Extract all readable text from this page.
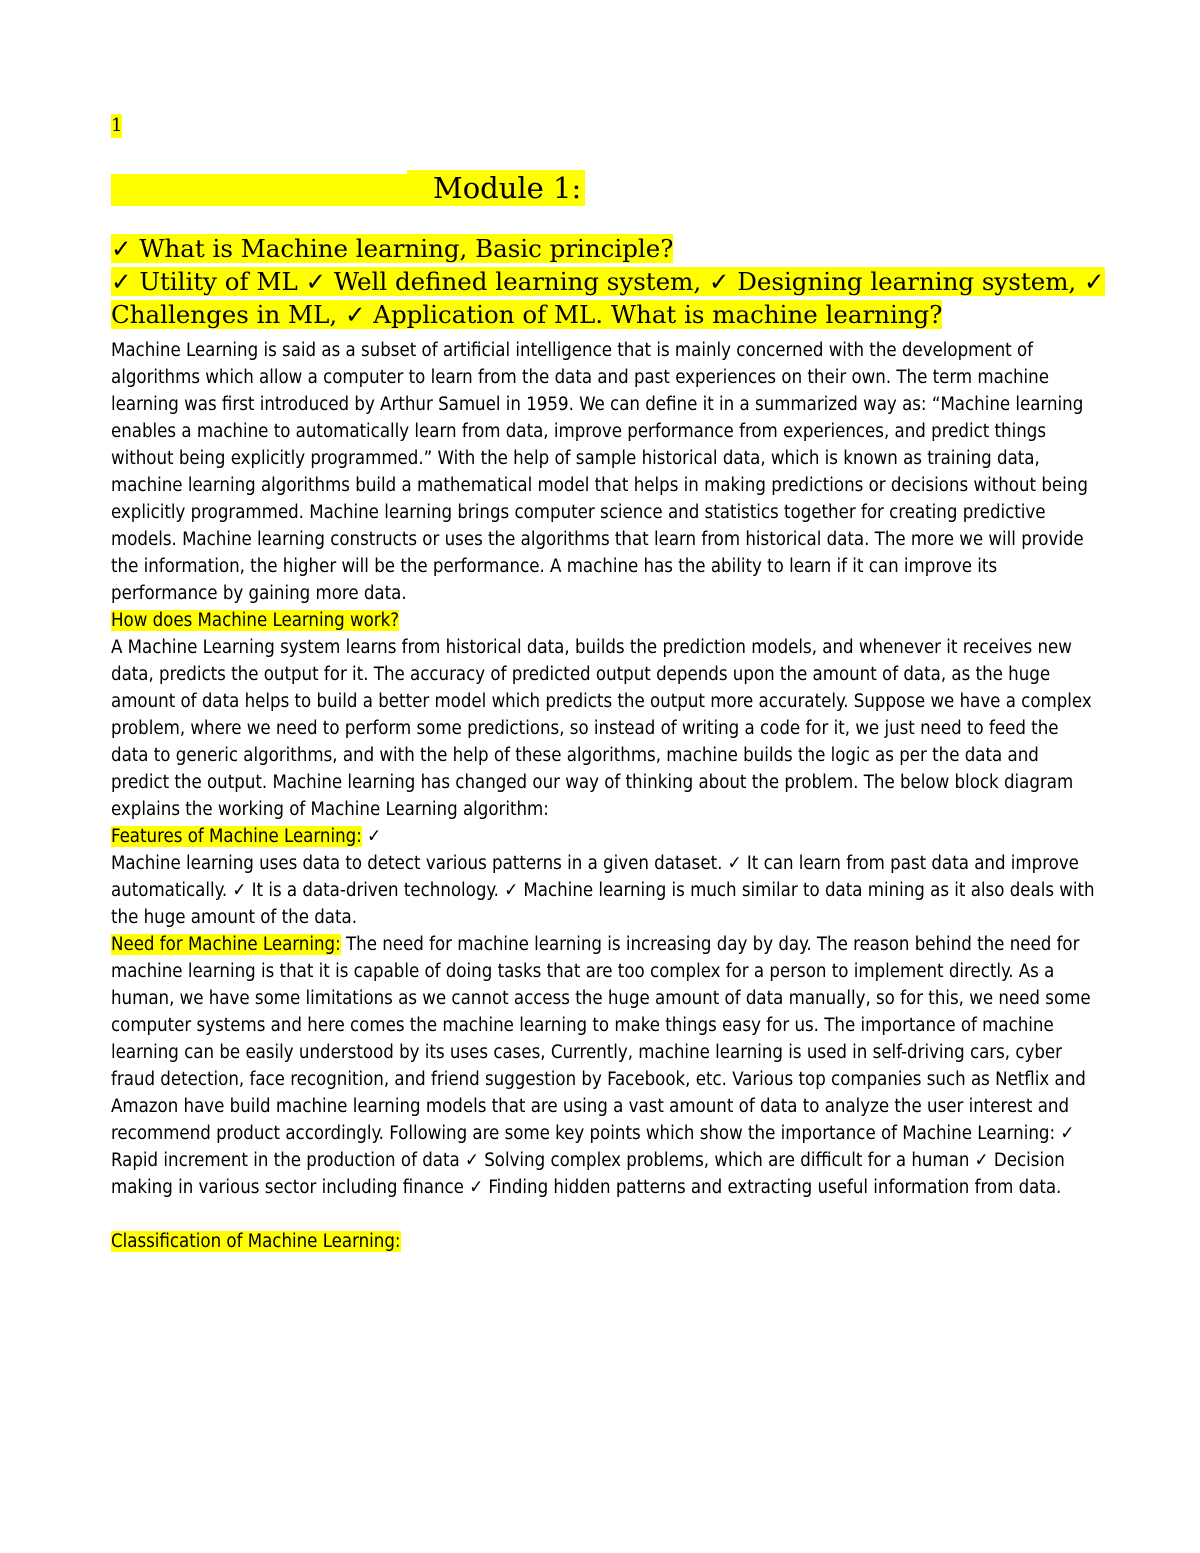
1
Module 1:
✓ What is Machine learning, Basic principle?
✓ Utility of ML ✓ Well defined learning system, ✓ Designing learning system, ✓
Challenges in ML, ✓ Application of ML. What is machine learning?

Machine Learning is said as a subset of artificial intelligence that is mainly concerned with the development of algorithms which allow a computer to learn from the data and past experiences on their own. The term machine learning was first introduced by Arthur Samuel in 1959. We can define it in a summarized way as: “Machine learning enables a machine to automatically learn from data, improve performance from experiences, and predict things without being explicitly programmed.” With the help of sample historical data, which is known as training data, machine learning algorithms build a mathematical model that helps in making predictions or decisions without being explicitly programmed. Machine learning brings computer science and statistics together for creating predictive models. Machine learning constructs or uses the algorithms that learn from historical data. The more we will provide the information, the higher will be the performance. A machine has the ability to learn if it can improve its performance by gaining more data.

How does Machine Learning work?

A Machine Learning system learns from historical data, builds the prediction models, and whenever it receives new data, predicts the output for it. The accuracy of predicted output depends upon the amount of data, as the huge amount of data helps to build a better model which predicts the output more accurately. Suppose we have a complex problem, where we need to perform some predictions, so instead of writing a code for it, we just need to feed the data to generic algorithms, and with the help of these algorithms, machine builds the logic as per the data and predict the output. Machine learning has changed our way of thinking about the problem. The below block diagram explains the working of Machine Learning algorithm:

Features of Machine Learning: ✓

Machine learning uses data to detect various patterns in a given dataset. ✓ It can learn from past data and improve automatically. ✓ It is a data-driven technology. ✓ Machine learning is much similar to data mining as it also deals with the huge amount of the data.

Need for Machine Learning: The need for machine learning is increasing day by day. The reason behind the need for machine learning is that it is capable of doing tasks that are too complex for a person to implement directly. As a human, we have some limitations as we cannot access the huge amount of data manually, so for this, we need some computer systems and here comes the machine learning to make things easy for us. The importance of machine learning can be easily understood by its uses cases, Currently, machine learning is used in self-driving cars, cyber fraud detection, face recognition, and friend suggestion by Facebook, etc. Various top companies such as Netflix and Amazon have build machine learning models that are using a vast amount of data to analyze the user interest and recommend product accordingly. Following are some key points which show the importance of Machine Learning: ✓ Rapid increment in the production of data ✓ Solving complex problems, which are difficult for a human ✓ Decision making in various sector including finance ✓ Finding hidden patterns and extracting useful information from data.

Classification of Machine Learning:
